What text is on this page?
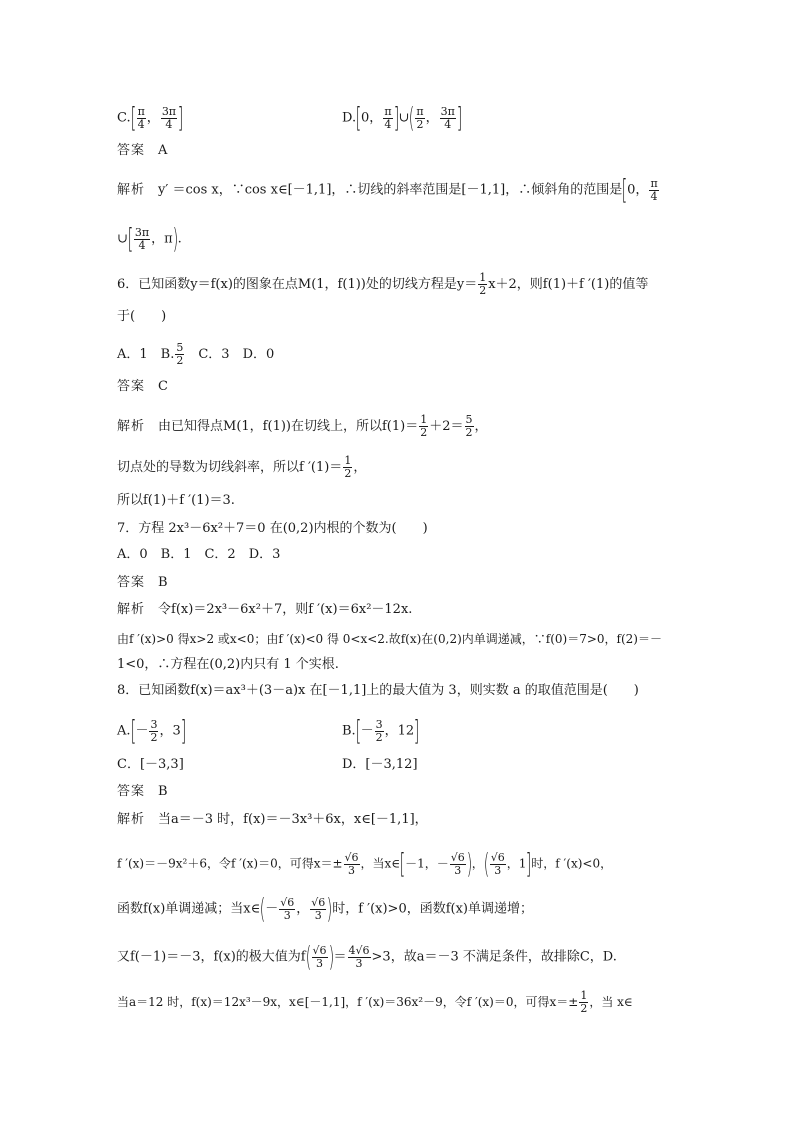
$C.[ \frac{\pi}{4}$ ， $\frac{3\pi}{4}$ ]	D.[0， $\frac{\pi}{4}$ ]∪( $\frac{\pi}{2}$ ， $\frac{3\pi}{4}$ ]
答案　 A
解析　 y′ ＝cos x，∵cos x∈[－1,1]，∴切线的斜率范围是[－1,1]，∴倾斜角的范围是[0， $\frac{\pi}{4}$
∪[ $\frac{3\pi}{4}$ ，π).
6．已知函数y＝f(x)的图象在点M(1，f(1))处的切线方程是$y= \frac{1}{2} x+2$，则f(1)＋f ′(1)的值等
于(　　)
A．1　B. $\frac{5}{2}$ 　C．3　D．0
答案　 C
解析　 由已知得点M(1，f(1))在切线上，所以$f(1)= \frac{1}{2} +2= \frac{5}{2}$ ，
切点处的导数为切线斜率，所以f $'(1)= \frac{1}{2}$ ，
所以f(1)＋f ′(1)＝3.
7．方程 2x³－6x²＋7＝0 在(0,2)内根的个数为(　　)
A．0　B．1　C．2　D．3
答案　 B
解析　 令f(x)＝2x³－6x²＋7，则f ′(x)＝6x²－12x.
由f ′(x)>0 得x>2 或x<0；由f ′(x)<0 得 0<x<2.故f(x)在(0,2)内单调递减，∵f(0)＝7>0，f(2)＝－
1<0，∴方程在(0,2)内只有 1 个实根.
8．已知函数f(x)＝ax³＋(3－a)x 在[－1,1]上的最大值为 3，则实数 a 的取值范围是(　　)
$A.[- \frac{3}{2}$ ，3]	$B.[- \frac{3}{2}$ ，12]
C．[－3,3]	D．[－3,12]
答案　 B
解析　 当a＝－3 时，f(x)＝－3x³＋6x，x∈[－1,1]，
f ′(x)＝－9x²＋6，令f ′(x)＝0，可得$x=\pm \frac{√6}{3}$ ，当x∈[－1，－ $\frac{√6}{3}$ )，( $\frac{√6}{3}$ ，1]时，f ′(x)<0，
函数f(x)单调递减；当x∈(－ $\frac{√6}{3}$ ， $\frac{√6}{3}$ )时，f ′(x)>0，函数f(x)单调递增；
又f(－1)＝－3，f(x)的极大值为$f( \frac{√6}{3}$ )＝ $\frac{4√6}{3} >3$，故a＝－3 不满足条件，故排除C，D.
当a＝12 时，f(x)＝12x³－9x，x∈[－1,1]，f ′(x)＝36x²－9，令f ′(x)＝0，可得$x=\pm \frac{1}{2}$ ，当 x∈
